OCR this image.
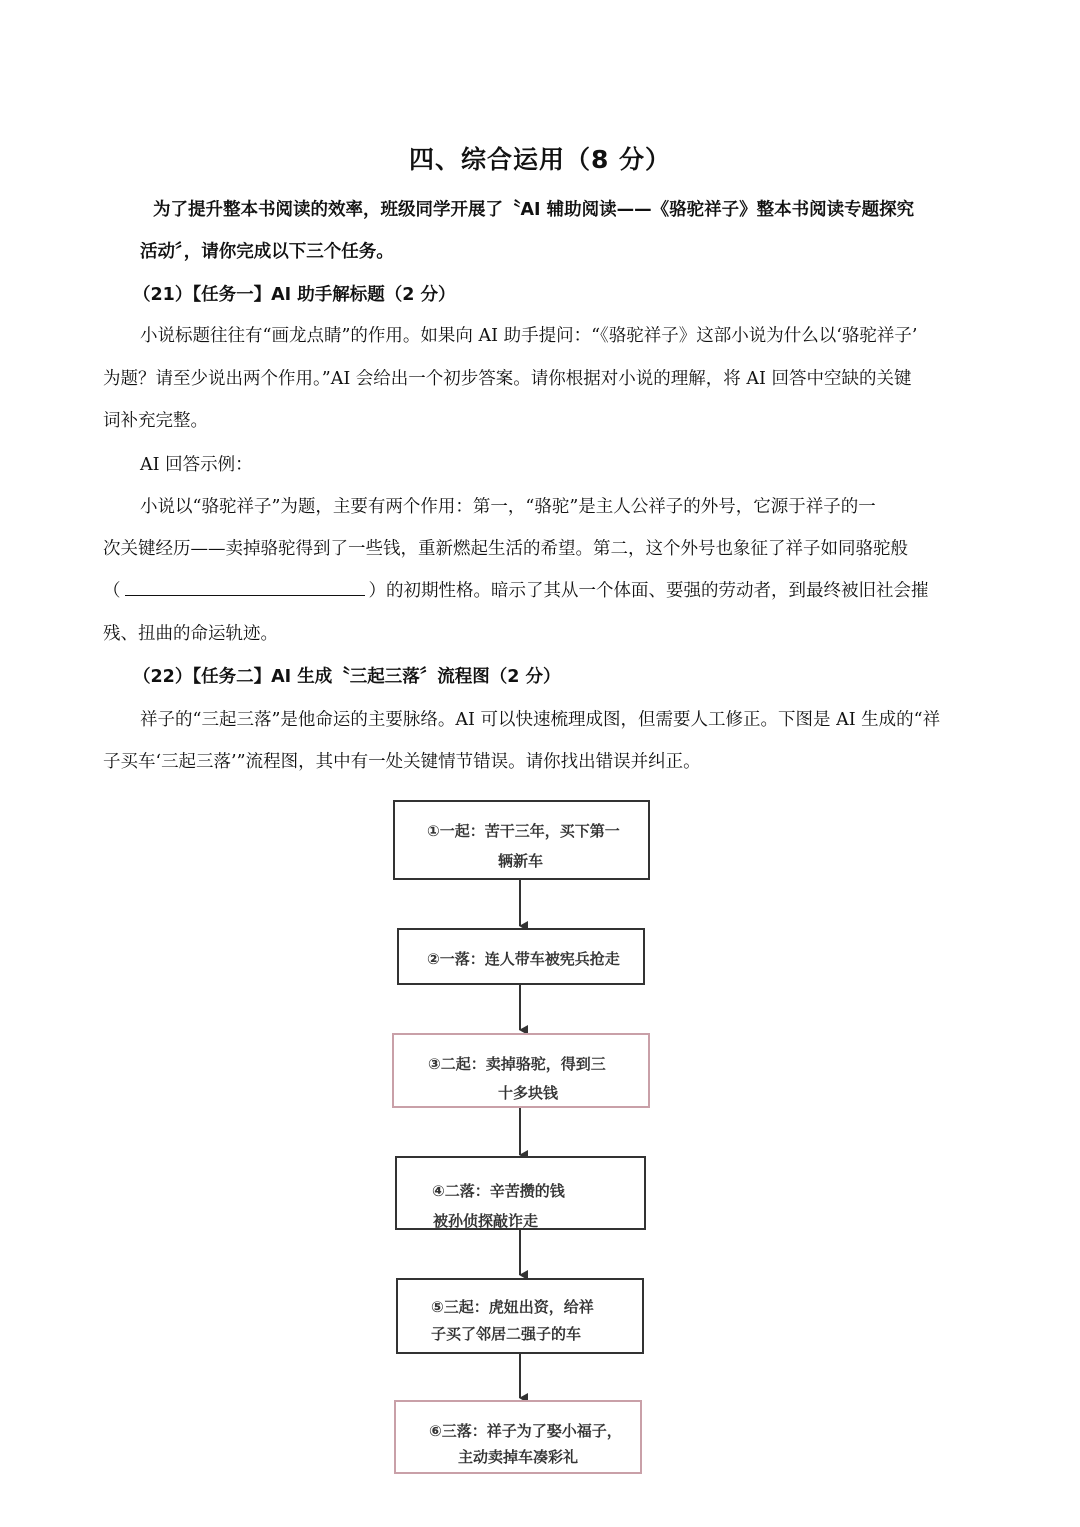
四、综合运用（8 分）
为了提升整本书阅读的效率，班级同学开展了〝AI 辅助阅读——《骆驼祥子》整本书阅读专题探究
活动〞，请你完成以下三个任务。
（21）【任务一】AI 助手解标题（2 分）
小说标题往往有“画龙点睛”的作用。如果向 AI 助手提问：“《骆驼祥子》这部小说为什么以‘骆驼祥子’
为题？请至少说出两个作用。”AI 会给出一个初步答案。请你根据对小说的理解，将 AI 回答中空缺的关键
词补充完整。
AI 回答示例：
小说以“骆驼祥子”为题，主要有两个作用：第一，“骆驼”是主人公祥子的外号，它源于祥子的一
次关键经历——卖掉骆驼得到了一些钱，重新燃起生活的希望。第二，这个外号也象征了祥子如同骆驼般
（	）的初期性格。暗示了其从一个体面、要强的劳动者，到最终被旧社会摧
残、扭曲的命运轨迹。
（22）【任务二】AI 生成〝三起三落〞流程图（2 分）
祥子的“三起三落”是他命运的主要脉络。AI 可以快速梳理成图，但需要人工修正。下图是 AI 生成的“祥
子买车‘三起三落’”流程图，其中有一处关键情节错误。请你找出错误并纠正。
①一起：苦干三年，买下第一
辆新车
②一落：连人带车被宪兵抢走
③二起：卖掉骆驼，得到三
十多块钱
④二落：辛苦攒的钱
被孙侦探敲诈走
⑤三起：虎妞出资，给祥
子买了邻居二强子的车
⑥三落：祥子为了娶小福子，
主动卖掉车凑彩礼
